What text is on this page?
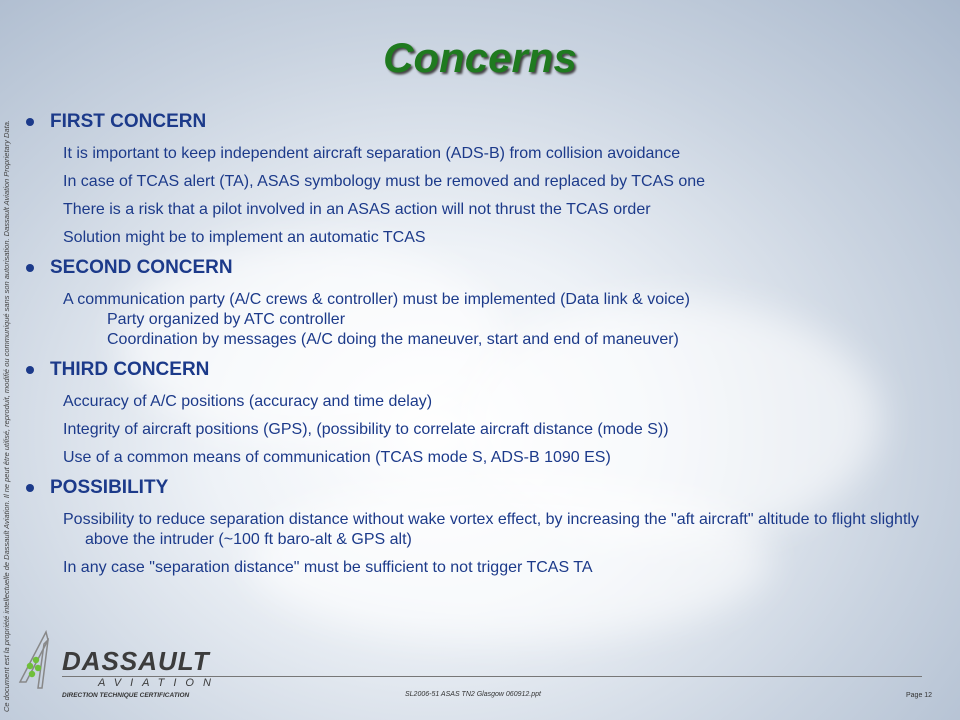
Ce document est la propriété intellectuelle de Dassault Aviation. Il ne peut être utilisé, reproduit, modifié ou communiqué sans son autorisation. Dassault Aviation Proprietary Data.
Concerns
FIRST CONCERN
It is important to keep independent aircraft separation (ADS-B) from collision avoidance
In case of TCAS alert (TA), ASAS symbology must be removed and replaced by TCAS one
There is a risk that a pilot involved in an ASAS action will not thrust the TCAS order
Solution might be to implement an automatic TCAS
SECOND CONCERN
A communication party (A/C crews & controller) must be implemented (Data link & voice)
Party organized by ATC controller
Coordination by messages (A/C doing the maneuver, start and end of maneuver)
THIRD CONCERN
Accuracy of A/C positions (accuracy and time delay)
Integrity of aircraft positions (GPS), (possibility to correlate aircraft distance (mode S))
Use of a common means of communication (TCAS mode S, ADS-B 1090 ES)
POSSIBILITY
Possibility to reduce separation distance without wake vortex effect, by increasing the "aft aircraft" altitude to flight slightly above the intruder (~100 ft baro-alt & GPS alt)
In any case "separation distance" must be sufficient to not trigger TCAS TA
DASSAULT
AVIATION
DIRECTION TECHNIQUE CERTIFICATION	SL2006-51 ASAS TN2 Glasgow 060912.ppt	Page 12
